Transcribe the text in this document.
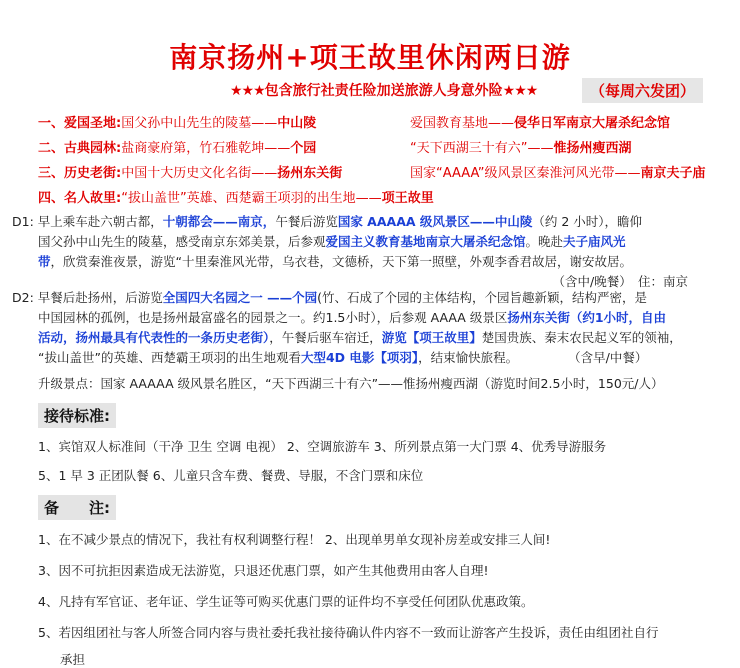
南京扬州+项王故里休闲两日游
★★★包含旅行社责任险加送旅游人身意外险★★★	（每周六发团）
一、爱国圣地:国父孙中山先生的陵墓——中山陵	爱国教育基地——侵华日军南京大屠杀纪念馆
二、古典园林:盐商豪府第，竹石雅乾坤——个园	“天下西湖三十有六”——惟扬州瘦西湖
三、历史老街:中国十大历史文化名街——扬州东关街	国家“AAAA”级风景区秦淮河风光带——南京夫子庙
四、名人故里:“拔山盖世”英雄、西楚霸王项羽的出生地——项王故里
D1: 早上乘车赴六朝古都，十朝都会——南京，午餐后游览国家 AAAAA 级风景区——中山陵（约 2 小时），瞻仰
国父孙中山先生的陵墓，感受南京东郊美景，后参观爱国主义教育基地南京大屠杀纪念馆。晚赴夫子庙风光
带，欣赏秦淮夜景，游览“十里秦淮风光带，乌衣巷，文德桥，天下第一照壁，外观李香君故居，谢安故居。
（含中/晚餐）　住：南京
D2: 早餐后赴扬州，后游览全国四大名园之一 ——个园(竹、石成了个园的主体结构，个园旨趣新颖，结构严密，是
中国园林的孤例，也是扬州最富盛名的园景之一。约1.5小时），后参观 AAAA 级景区扬州东关街（约1小时，自由
活动，扬州最具有代表性的一条历史老街），午餐后驱车宿迁，游览【项王故里】楚国贵族、秦末农民起义军的领袖，
“拔山盖世”的英雄、西楚霸王项羽的出生地观看大型4D 电影【项羽】，结束愉快旅程。	（含早/中餐）
升级景点：国家 AAAAA 级风景名胜区，“天下西湖三十有六”——惟扬州瘦西湖（游览时间2.5小时，150元/人）
接待标准:
1、宾馆双人标准间（干净 卫生 空调 电视） 2、空调旅游车 3、所列景点第一大门票 4、优秀导游服务
5、1 早 3 正团队餐 6、儿童只含车费、餐费、导服，不含门票和床位
备　　注:
1、在不减少景点的情况下，我社有权利调整行程！ 2、出现单男单女现补房差或安排三人间!
3、因不可抗拒因素造成无法游览，只退还优惠门票，如产生其他费用由客人自理!
4、凡持有军官证、老年证、学生证等可购买优惠门票的证件均不享受任何团队优惠政策。
5、若因组团社与客人所签合同内容与贵社委托我社接待确认件内容不一致而让游客产生投诉，责任由组团社自行
承担
